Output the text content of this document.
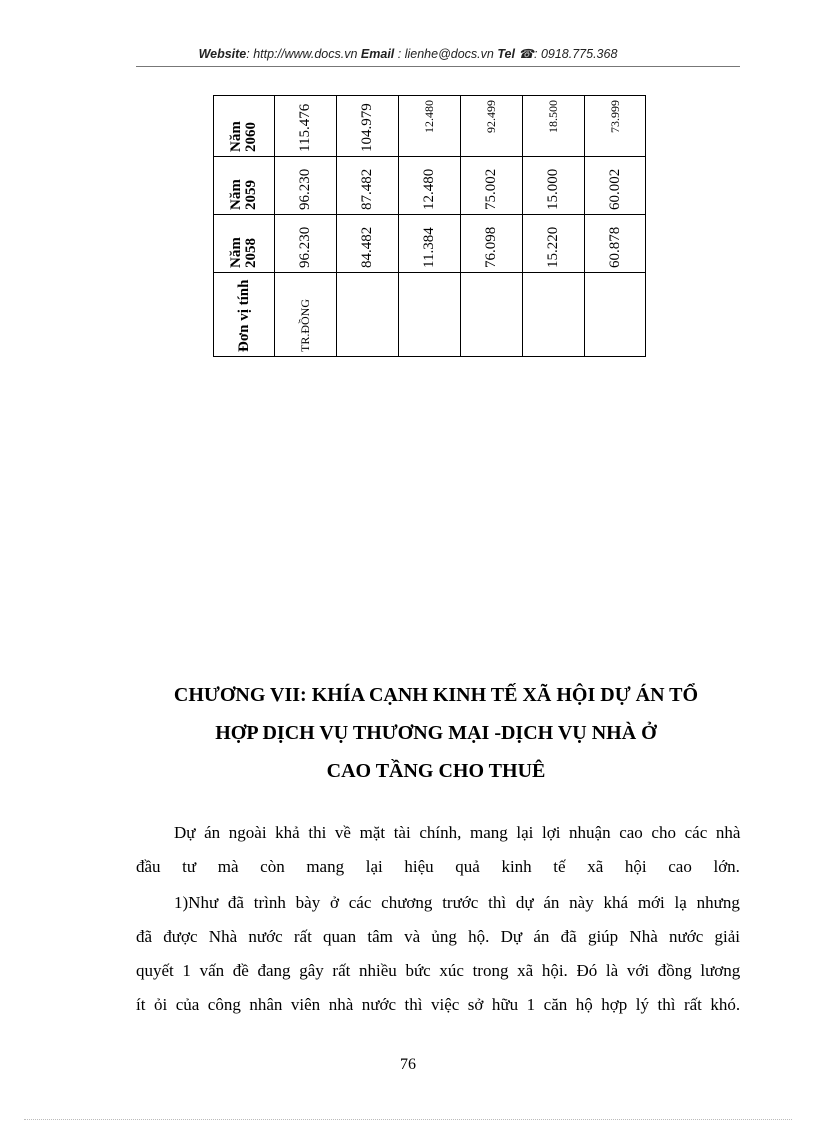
Website: http://www.docs.vn Email : lienhe@docs.vn Tel ☎: 0918.775.368
Đơn vị tính	Năm 2058	Năm 2059	Năm 2060
TR.ĐỒNG	96.230	96.230	115.476
	84.482	87.482	104.979
	11.384	12.480	12.480
	76.098	75.002	92.499
	15.220	15.000	18.500
	60.878	60.002	73.999
CHƯƠNG VII: KHÍA CẠNH KINH TẾ XÃ HỘI DỰ ÁN TỔ
HỢP DỊCH VỤ THƯƠNG MẠI -DỊCH VỤ NHÀ Ở
CAO TẦNG CHO THUÊ
Dự án ngoài khả thi về mặt tài chính, mang lại lợi nhuận cao cho các nhà
đầu tư mà còn mang lại hiệu quả kinh tế xã hội cao lớn.
1)Như đã trình bày ở các chương trước thì dự án này khá mới lạ nhưng
đã được Nhà nước rất quan tâm và ủng hộ. Dự án đã giúp Nhà nước giải
quyết 1 vấn đề đang gây rất nhiều bức xúc trong xã hội. Đó là với đồng lương
ít ỏi của công nhân viên nhà nước thì việc sở hữu 1 căn hộ hợp lý thì rất khó.
76
